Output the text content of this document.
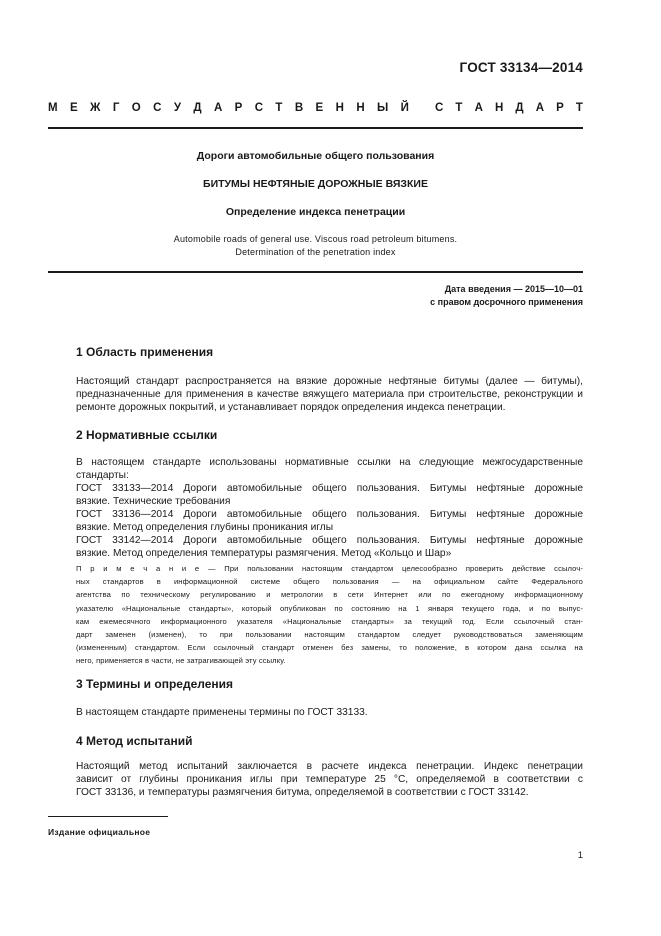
ГОСТ 33134—2014
М Е Ж Г О С У Д А Р С Т В Е Н Н Ы Й С Т А Н Д А Р Т
Дороги автомобильные общего пользования
БИТУМЫ НЕФТЯНЫЕ ДОРОЖНЫЕ ВЯЗКИЕ
Определение индекса пенетрации
Automobile roads of general use. Viscous road petroleum bitumens.
Determination of the penetration index
Дата введения — 2015—10—01
с правом досрочного применения
1 Область применения
Настоящий стандарт распространяется на вязкие дорожные нефтяные битумы (далее — битумы),
предназначенные для применения в качестве вяжущего материала при строительстве, реконструкции и
ремонте дорожных покрытий, и устанавливает порядок определения индекса пенетрации.
2 Нормативные ссылки
В настоящем стандарте использованы нормативные ссылки на следующие межгосударственные
стандарты:
ГОСТ 33133—2014 Дороги автомобильные общего пользования. Битумы нефтяные дорожные
вязкие. Технические требования
ГОСТ 33136—2014 Дороги автомобильные общего пользования. Битумы нефтяные дорожные
вязкие. Метод определения глубины проникания иглы
ГОСТ 33142—2014 Дороги автомобильные общего пользования. Битумы нефтяные дорожные
вязкие. Метод определения температуры размягчения. Метод «Кольцо и Шар»
П р и м е ч а н и е — При пользовании настоящим стандартом целесообразно проверить действие ссылоч-
ных стандартов в информационной системе общего пользования — на официальном сайте Федерального
агентства по техническому регулированию и метрологии в сети Интернет или по ежегодному информационному
указателю «Национальные стандарты», который опубликован по состоянию на 1 января текущего года, и по выпус-
кам ежемесячного информационного указателя «Национальные стандарты» за текущий год. Если ссылочный стан-
дарт заменен (изменен), то при пользовании настоящим стандартом следует руководствоваться заменяющим
(измененным) стандартом. Если ссылочный стандарт отменен без замены, то положение, в котором дана ссылка на
него, применяется в части, не затрагивающей эту ссылку.
3 Термины и определения
В настоящем стандарте применены термины по ГОСТ 33133.
4 Метод испытаний
Настоящий метод испытаний заключается в расчете индекса пенетрации. Индекс пенетрации
зависит от глубины проникания иглы при температуре 25 °С, определяемой в соответствии с
ГОСТ 33136, и температуры размягчения битума, определяемой в соответствии с ГОСТ 33142.
Издание официальное
1
